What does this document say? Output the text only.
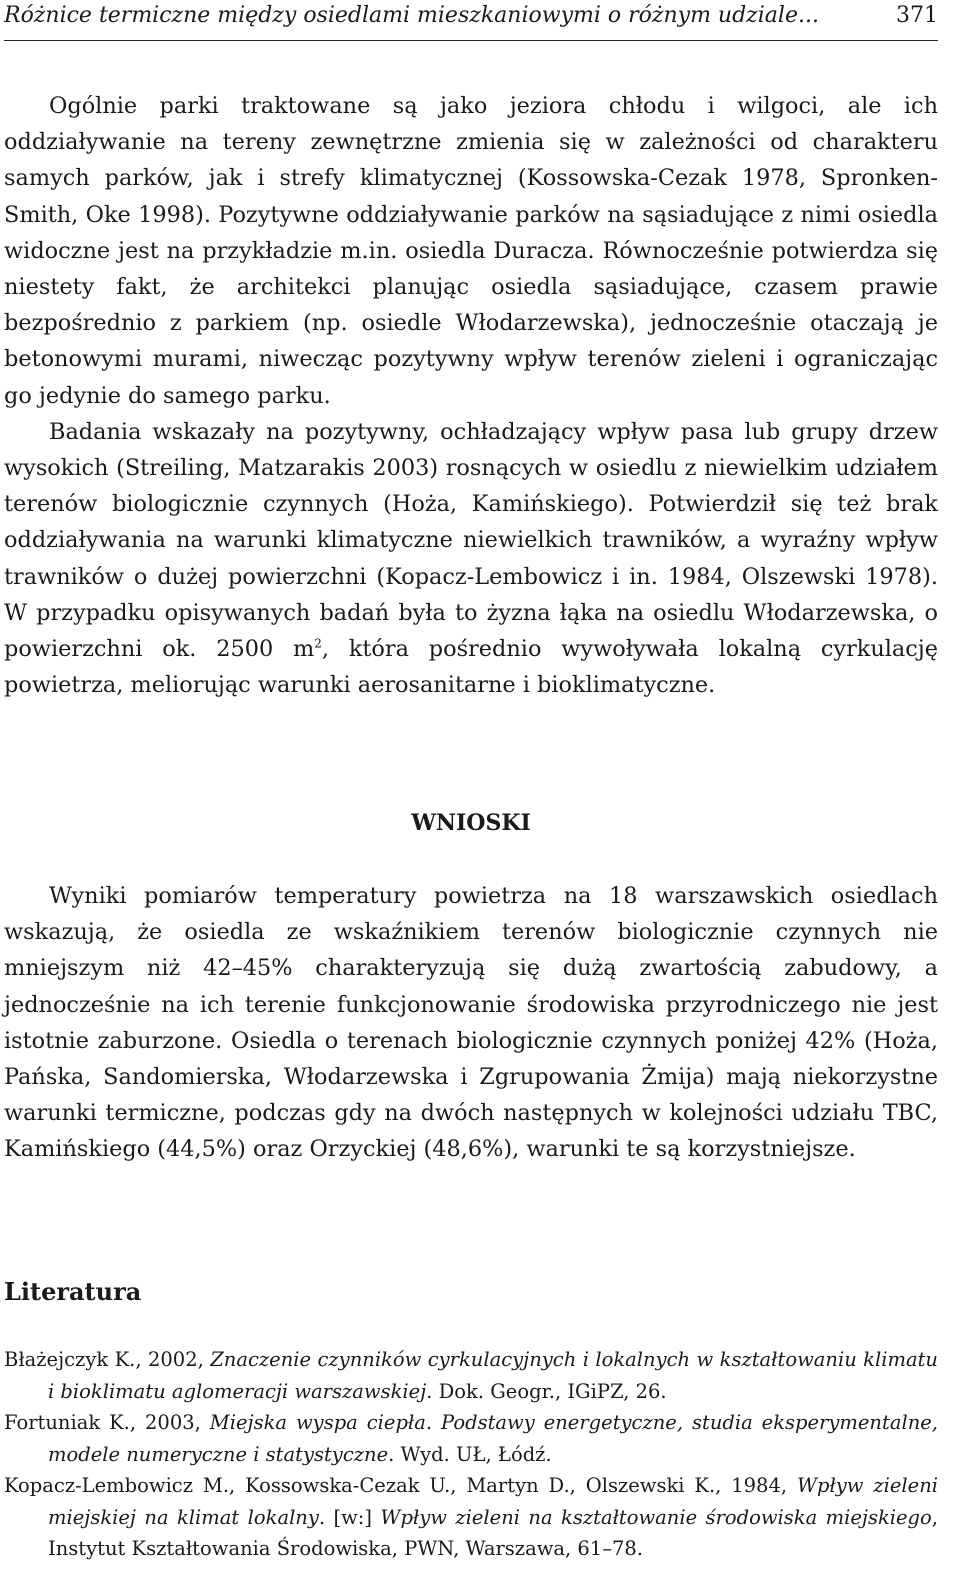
Różnice termiczne między osiedlami mieszkaniowymi o różnym udziale...	371

Ogólnie parki traktowane są jako jeziora chłodu i wilgoci, ale ich oddziaływanie na tereny zewnętrzne zmienia się w zależności od charakteru samych parków, jak i strefy klimatycznej (Kossowska-Cezak 1978, Spronken-Smith, Oke 1998). Pozytywne oddziaływanie parków na sąsiadujące z nimi osiedla widoczne jest na przykładzie m.in. osiedla Duracza. Równocześnie potwierdza się niestety fakt, że architekci planując osiedla sąsiadujące, czasem prawie bezpośrednio z parkiem (np. osiedle Włodarzewska), jednocześnie otaczają je betonowymi murami, niwecząc pozytywny wpływ terenów zieleni i ograniczając go jedynie do samego parku.

Badania wskazały na pozytywny, ochładzający wpływ pasa lub grupy drzew wysokich (Streiling, Matzarakis 2003) rosnących w osiedlu z niewielkim udziałem terenów biologicznie czynnych (Hoża, Kamińskiego). Potwierdził się też brak oddziaływania na warunki klimatyczne niewielkich trawników, a wyraźny wpływ trawników o dużej powierzchni (Kopacz-Lembowicz i in. 1984, Olszewski 1978). W przypadku opisywanych badań była to żyzna łąka na osiedlu Włodarzewska, o powierzchni ok. 2500 $m^2$, która pośrednio wywoływała lokalną cyrkulację powietrza, meliorując warunki aerosanitarne i bioklimatyczne.

WNIOSKI

Wyniki pomiarów temperatury powietrza na 18 warszawskich osiedlach wskazują, że osiedla ze wskaźnikiem terenów biologicznie czynnych nie mniejszym niż 42–45% charakteryzują się dużą zwartością zabudowy, a jednocześnie na ich terenie funkcjonowanie środowiska przyrodniczego nie jest istotnie zaburzone. Osiedla o terenach biologicznie czynnych poniżej 42% (Hoża, Pańska, Sandomierska, Włodarzewska i Zgrupowania Żmija) mają niekorzystne warunki termiczne, podczas gdy na dwóch następnych w kolejności udziału TBC, Kamińskiego (44,5%) oraz Orzyckiej (48,6%), warunki te są korzystniejsze.

Literatura

Błażejczyk K., 2002, Znaczenie czynników cyrkulacyjnych i lokalnych w kształtowaniu klimatu i bioklimatu aglomeracji warszawskiej. Dok. Geogr., IGiPZ, 26.

Fortuniak K., 2003, Miejska wyspa ciepła. Podstawy energetyczne, studia eksperymentalne, modele numeryczne i statystyczne. Wyd. UŁ, Łódź.

Kopacz-Lembowicz M., Kossowska-Cezak U., Martyn D., Olszewski K., 1984, Wpływ zieleni miejskiej na klimat lokalny. [w:] Wpływ zieleni na kształtowanie środowiska miejskiego, Instytut Kształtowania Środowiska, PWN, Warszawa, 61–78.
